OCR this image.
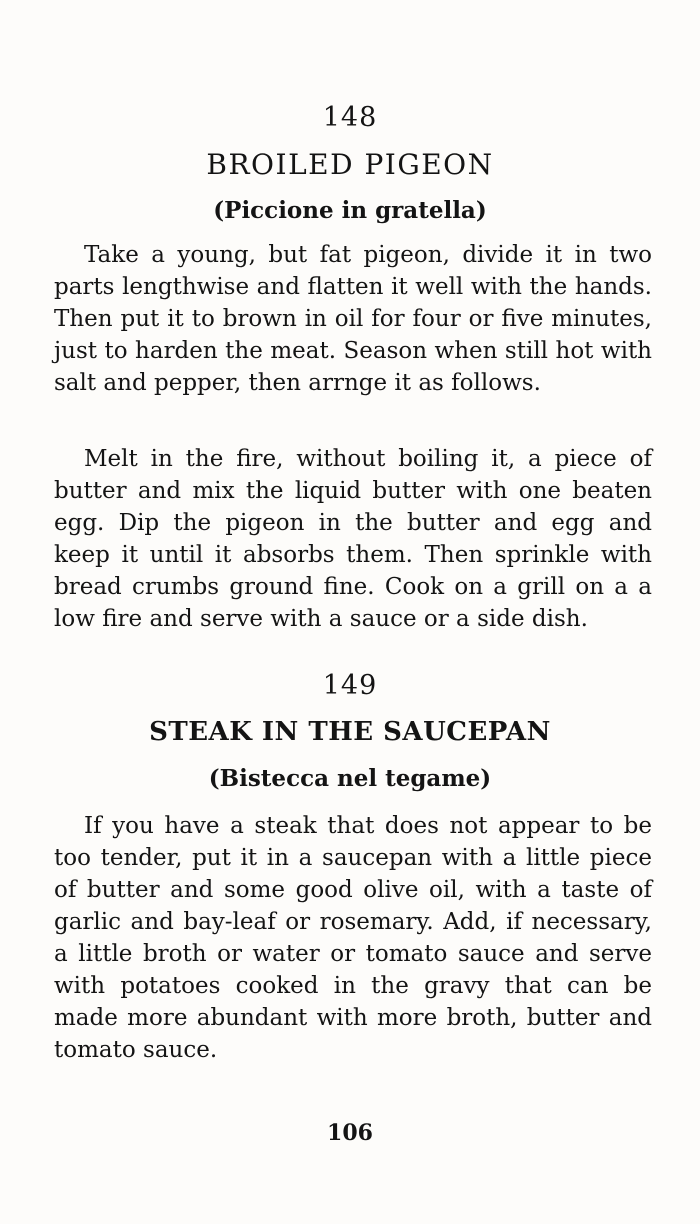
148
BROILED PIGEON
(Piccione in gratella)

Take a young, but fat pigeon, divide it in two parts lengthwise and flatten it well with the hands. Then put it to brown in oil for four or five minutes, just to harden the meat. Season when still hot with salt and pepper, then arrnge it as follows.

Melt in the fire, without boiling it, a piece of butter and mix the liquid butter with one beaten egg. Dip the pigeon in the butter and egg and keep it until it absorbs them. Then sprinkle with bread crumbs ground fine. Cook on a grill on a a low fire and serve with a sauce or a side dish.

149
STEAK IN THE SAUCEPAN
(Bistecca nel tegame)

If you have a steak that does not appear to be too tender, put it in a saucepan with a little piece of butter and some good olive oil, with a taste of garlic and bay-leaf or rosemary. Add, if necessary, a little broth or water or tomato sauce and serve with potatoes cooked in the gravy that can be made more abundant with more broth, butter and tomato sauce.

106
